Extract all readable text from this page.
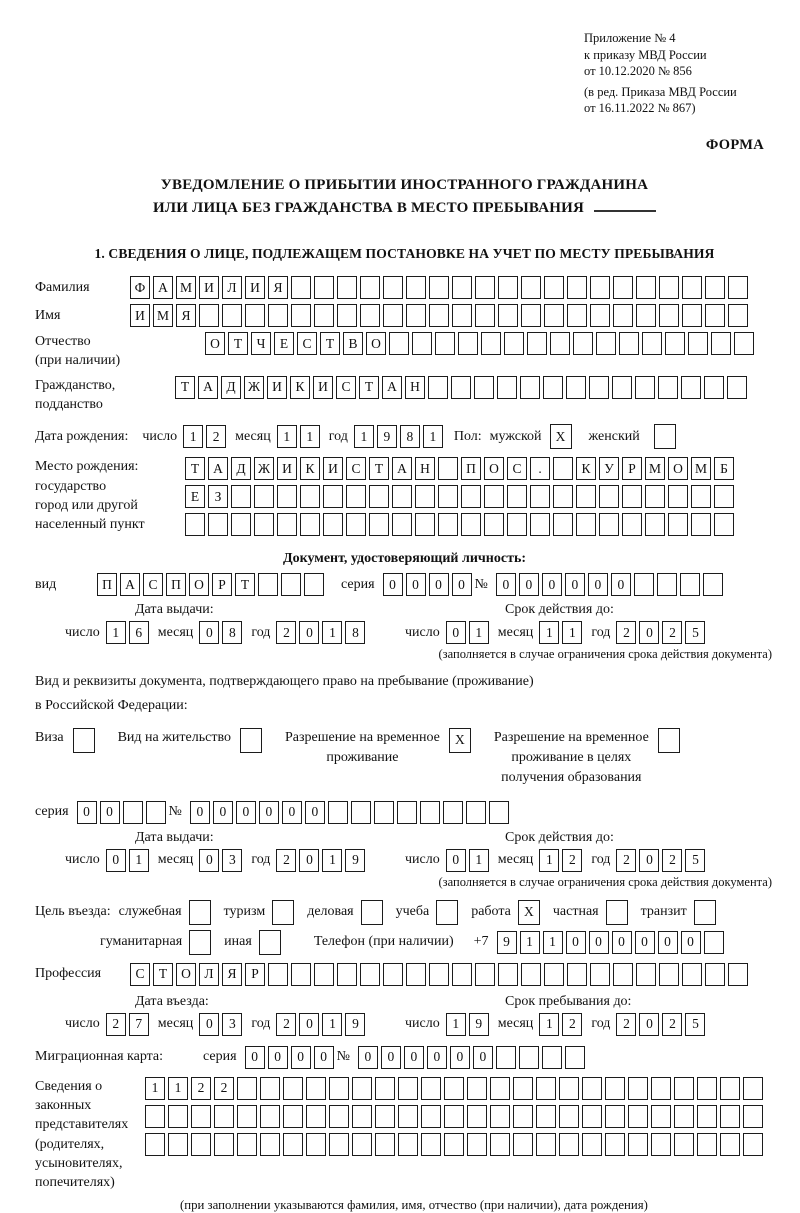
Приложение № 4
к приказу МВД России
от 10.12.2020 № 856
(в ред. Приказа МВД России
от 16.11.2022 № 867)
ФОРМА
УВЕДОМЛЕНИЕ О ПРИБЫТИИ ИНОСТРАННОГО ГРАЖДАНИНА
ИЛИ ЛИЦА БЕЗ ГРАЖДАНСТВА В МЕСТО ПРЕБЫВАНИЯ
1. СВЕДЕНИЯ О ЛИЦЕ, ПОДЛЕЖАЩЕМ ПОСТАНОВКЕ НА УЧЕТ ПО МЕСТУ ПРЕБЫВАНИЯ
Фамилия	Ф А М И	Л	И	Я
Имя	И М Я
Отчество
(при наличии)
О	Т	Ч	Е	С	Т	В	О
Гражданство,
подданство
Т	А	Д Ж И	К	И	С	Т	А Н
Дата рождения: число 1	2	месяц 1	1	год 1	9	8	1	Пол: мужской	X	женский
Место рождения:
государство
город или другой
населенный пункт
Т	А	Д Ж И	К	И	С	Т	А Н	П О	С	.	К	У	Р М О М Б
Е	З
Документ, удостоверяющий личность:
вид	П А	С	П О	Р	Т	серия	0	0	0	0 №	0	0	0	0	0	0
Дата выдачи:
число 1	6	месяц 0	8	год 2	0	1	8
Срок действия до:
число 0	1	месяц 1	1	год 2	0	2	5
(заполняется в случае ограничения срока действия документа)
Вид и реквизиты документа, подтверждающего право на пребывание (проживание)
в Российской Федерации:
Виза	Вид на жительство	Разрешение на временное
проживание
X	Разрешение на временное
проживание в целях
получения образования
серия	0	0	№	0	0	0	0	0	0
Дата выдачи:
число 0	1	месяц 0	3	год 2	0	1	9
Срок действия до:
число 0	1	месяц 1	2	год 2	0	2	5
(заполняется в случае ограничения срока действия документа)
Цель въезда: служебная	туризм	деловая	учеба	работа X	частная	транзит
гуманитарная	иная	Телефон (при наличии) +7	9	1	1	0	0	0	0	0	0
Профессия	С	Т	О	Л	Я	Р
Дата въезда:
число 2	7	месяц 0	3	год 2	0	1	9
Срок пребывания до:
число 1	9	месяц 1	2	год 2	0	2	5
Миграционная карта:	серия	0	0	0	0 №	0	0	0	0	0	0
Сведения о
законных
представителях
(родителях,
усыновителях,
попечителях)
1	1	2	2
(при заполнении указываются фамилия, имя, отчество (при наличии), дата рождения)
